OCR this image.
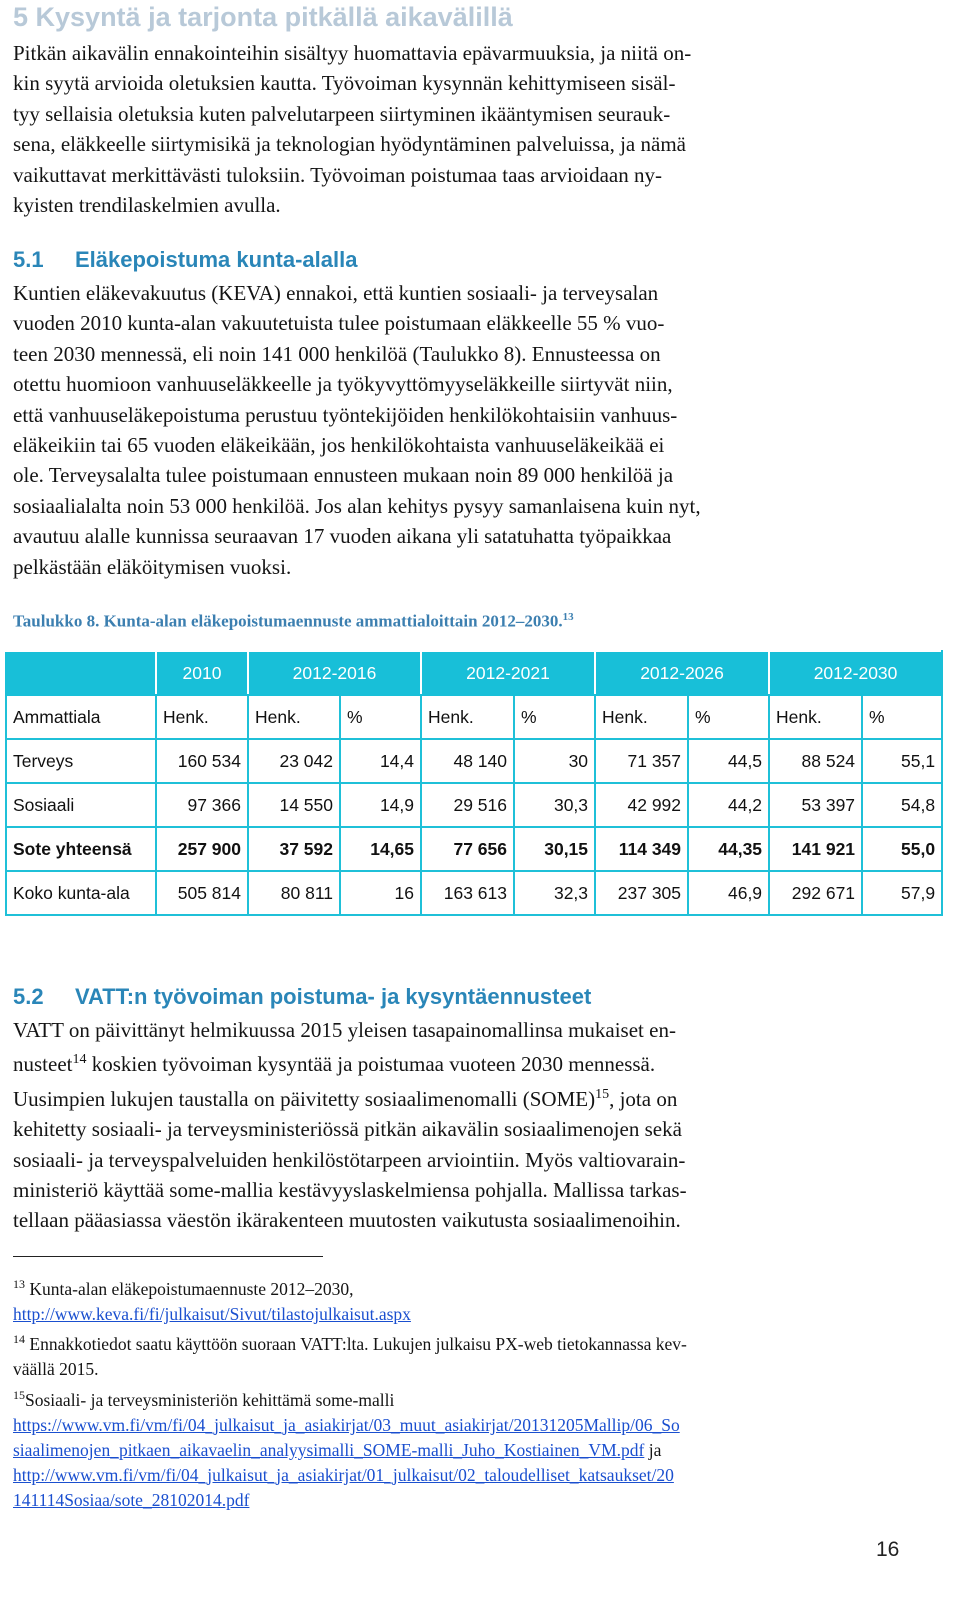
5 Kysyntä ja tarjonta pitkällä aikavälillä

Pitkän aikavälin ennakointeihin sisältyy huomattavia epävarmuuksia, ja niitä on-
kin syytä arvioida oletuksien kautta. Työvoiman kysynnän kehittymiseen sisäl-
tyy sellaisia oletuksia kuten palvelutarpeen siirtyminen ikääntymisen seurauk-
sena, eläkkeelle siirtymisikä ja teknologian hyödyntäminen palveluissa, ja nämä
vaikuttavat merkittävästi tuloksiin. Työvoiman poistumaa taas arvioidaan ny-
kyisten trendilaskelmien avulla.

5.1 Eläkepoistuma kunta-alalla

Kuntien eläkevakuutus (KEVA) ennakoi, että kuntien sosiaali- ja terveysalan
vuoden 2010 kunta-alan vakuutetuista tulee poistumaan eläkkeelle 55 % vuo-
teen 2030 mennessä, eli noin 141 000 henkilöä (Taulukko 8). Ennusteessa on
otettu huomioon vanhuuseläkkeelle ja työkyvyttömyyseläkkeille siirtyvät niin,
että vanhuuseläkepoistuma perustuu työntekijöiden henkilökohtaisiin vanhuus-
eläkeikiin tai 65 vuoden eläkeikään, jos henkilökohtaista vanhuuseläkeikää ei
ole. Terveysalalta tulee poistumaan ennusteen mukaan noin 89 000 henkilöä ja
sosiaalialalta noin 53 000 henkilöä. Jos alan kehitys pysyy samanlaisena kuin nyt,
avautuu alalle kunnissa seuraavan 17 vuoden aikana yli satatuhatta työpaikkaa
pelkästään eläköitymisen vuoksi.

Taulukko 8. Kunta-alan eläkepoistumaennuste ammattialoittain 2012–2030.13
	2010	2012-2016		2012-2021		2012-2026		2012-2030	
Ammattiala	Henk.	Henk.	%	Henk.	%	Henk.	%	Henk.	%
Terveys	160 534	23 042	14,4	48 140	30	71 357	44,5	88 524	55,1
Sosiaali	97 366	14 550	14,9	29 516	30,3	42 992	44,2	53 397	54,8
Sote yhteensä	257 900	37 592	14,65	77 656	30,15	114 349	44,35	141 921	55,0
Koko kunta-ala	505 814	80 811	16	163 613	32,3	237 305	46,9	292 671	57,9
5.2 VATT:n työvoiman poistuma- ja kysyntäennusteet

VATT on päivittänyt helmikuussa 2015 yleisen tasapainomallinsa mukaiset en-
nusteet$^{14}$ koskien työvoiman kysyntää ja poistumaa vuoteen 2030 mennessä.
Uusimpien lukujen taustalla on päivitetty sosiaalimenomalli (SOME)$^{15}$, jota on
kehitetty sosiaali- ja terveysministeriössä pitkän aikavälin sosiaalimenojen sekä
sosiaali- ja terveyspalveluiden henkilöstötarpeen arviointiin. Myös valtiovarain-
ministeriö käyttää some-mallia kestävyyslaskelmiensa pohjalla. Mallissa tarkas-
tellaan pääasiassa väestön ikärakenteen muutosten vaikutusta sosiaalimenoihin.

$^{13}$ Kunta-alan eläkepoistumaennuste 2012–2030,
http://www.keva.fi/fi/julkaisut/Sivut/tilastojulkaisut.aspx
$^{14}$ Ennakkotiedot saatu käyttöön suoraan VATT:lta. Lukujen julkaisu PX-web tietokannassa kev-
väällä 2015.
$^{15}$Sosiaali- ja terveysministeriön kehittämä some-malli
https://www.vm.fi/vm/fi/04_julkaisut_ja_asiakirjat/03_muut_asiakirjat/20131205Mallip/06_So
siaalimenojen_pitkaen_aikavaelin_analyysimalli_SOME-malli_Juho_Kostiainen_VM.pdf ja
http://www.vm.fi/vm/fi/04_julkaisut_ja_asiakirjat/01_julkaisut/02_taloudelliset_katsaukset/20
141114Sosiaa/sote_28102014.pdf
16
